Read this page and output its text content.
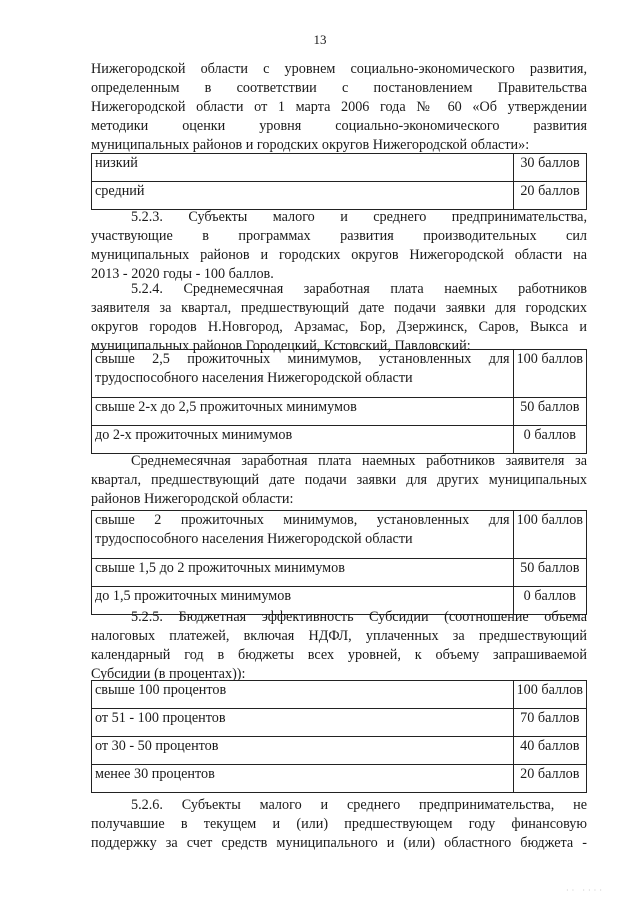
13
Нижегородской области с уровнем социально-экономического развития,
определенным в соответствии с постановлением Правительства
Нижегородской области от 1 марта 2006 года № 60 «Об утверждении
методики оценки уровня социально-экономического развития
муниципальных районов и городских округов Нижегородской области»:
низкий	30 баллов
средний	20 баллов
5.2.3. Субъекты малого и среднего предпринимательства,
участвующие в программах развития производительных сил
муниципальных районов и городских округов Нижегородской области на
2013 - 2020 годы - 100 баллов.
5.2.4. Среднемесячная заработная плата наемных работников
заявителя за квартал, предшествующий дате подачи заявки для городских
округов городов Н.Новгород, Арзамас, Бор, Дзержинск, Саров, Выкса и
муниципальных районов Городецкий, Кстовский, Павловский:
свыше 2,5 прожиточных минимумов, установленных для
трудоспособного населения Нижегородской области	100 баллов
свыше 2-х до 2,5 прожиточных минимумов	50 баллов
до 2-х прожиточных минимумов	0 баллов
Среднемесячная заработная плата наемных работников заявителя за
квартал, предшествующий дате подачи заявки для других муниципальных
районов Нижегородской области:
свыше 2 прожиточных минимумов, установленных для
трудоспособного населения Нижегородской области	100 баллов
свыше 1,5 до 2 прожиточных минимумов	50 баллов
до 1,5 прожиточных минимумов	0 баллов
5.2.5. Бюджетная эффективность Субсидии (соотношение объема
налоговых платежей, включая НДФЛ, уплаченных за предшествующий
календарный год в бюджеты всех уровней, к объему запрашиваемой
Субсидии (в процентах)):
свыше 100 процентов	100 баллов
от 51 - 100 процентов	70 баллов
от 30 - 50 процентов	40 баллов
менее 30 процентов	20 баллов
5.2.6. Субъекты малого и среднего предпринимательства, не
получавшие в текущем и (или) предшествующем году финансовую
поддержку за счет средств муниципального и (или) областного бюджета -
·· ····
